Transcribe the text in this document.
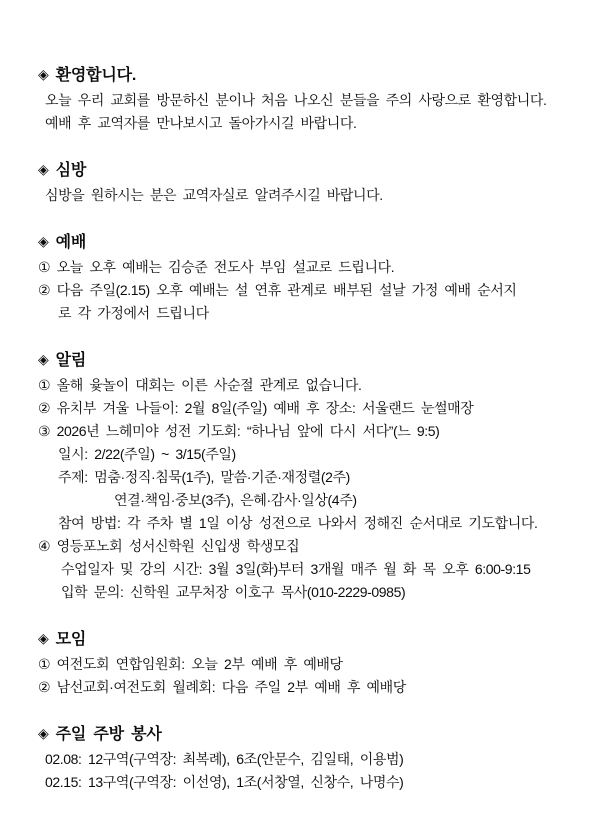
◈ 환영합니다.
오늘 우리 교회를 방문하신 분이나 처음 나오신 분들을 주의 사랑으로 환영합니다.
예배 후 교역자를 만나보시고 돌아가시길 바랍니다.
◈ 심방
심방을 원하시는 분은 교역자실로 알려주시길 바랍니다.
◈ 예배
① 오늘 오후 예배는 김승준 전도사 부임 설교로 드립니다.
② 다음 주일(2.15) 오후 예배는 설 연휴 관계로 배부된 설날 가정 예배 순서지
로 각 가정에서 드립니다
◈ 알림
① 올해 윷놀이 대회는 이른 사순절 관계로 없습니다.
② 유치부 겨울 나들이: 2월 8일(주일) 예배 후 장소: 서울랜드 눈썰매장
③ 2026년 느헤미야 성전 기도회: “하나님 앞에 다시 서다”(느 9:5)
일시: 2/22(주일) ~ 3/15(주일)
주제: 멈춤·정직·침묵(1주), 말씀·기준·재정렬(2주)
연결·책임·중보(3주), 은혜·감사·일상(4주)
참여 방법: 각 주차 별 1일 이상 성전으로 나와서 정해진 순서대로 기도합니다.
④ 영등포노회 성서신학원 신입생 학생모집
수업일자 및 강의 시간: 3월 3일(화)부터 3개월 매주 월 화 목 오후 6:00-9:15
입학 문의: 신학원 교무처장 이호구 목사(010-2229-0985)
◈ 모임
① 여전도회 연합임원회: 오늘 2부 예배 후 예배당
② 남선교회·여전도회 월례회: 다음 주일 2부 예배 후 예배당
◈ 주일 주방 봉사
02.08: 12구역(구역장: 최복례), 6조(안문수, 김일태, 이용범)
02.15: 13구역(구역장: 이선영), 1조(서창열, 신창수, 나명수)
